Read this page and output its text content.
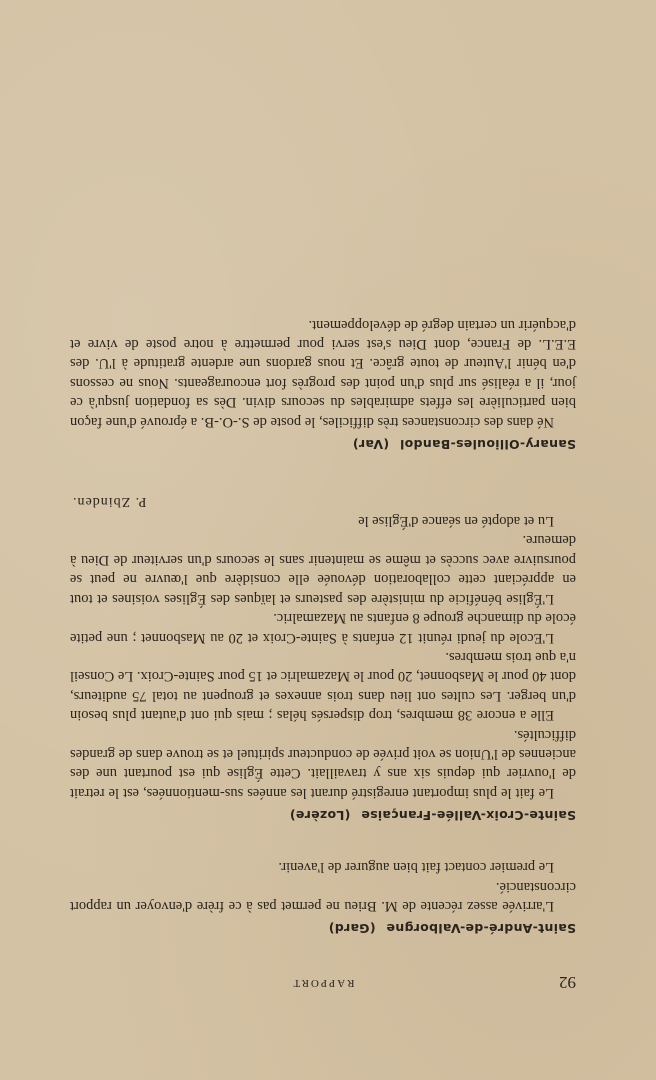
92
RAPPORT
Saint-André-de-Valborgne (Gard)

L'arrivée assez récente de M. Brieu ne permet pas à ce frère d'envoyer un rapport circonstancié.

Le premier contact fait bien augurer de l'avenir.

Sainte-Croix-Vallée-Française (Lozère)

Le fait le plus important enregistré durant les années sus-mentionnées, est le retrait de l'ouvrier qui depuis six ans y travaillait. Cette Église qui est pourtant une des anciennes de l'Union se voit privée de conducteur spirituel et se trouve dans de grandes difficultés.

Elle a encore 38 membres, trop dispersés hélas ; mais qui ont d'autant plus besoin d'un berger. Les cultes ont lieu dans trois annexes et groupent au total 75 auditeurs, dont 40 pour le Masbonnet, 20 pour le Mazamalric et 15 pour Sainte-Croix. Le Conseil n'a que trois membres.

L'Ecole du jeudi réunit 12 enfants à Sainte-Croix et 20 au Masbonnet ; une petite école du dimanche groupe 8 enfants au Mazamalric.

L'Église bénéficie du ministère des pasteurs et laïques des Églises voisines et tout en appréciant cette collaboration dévouée elle considère que l'œuvre ne peut se poursuivre avec succès et même se maintenir sans le secours d'un serviteur de Dieu à demeure.

Lu et adopté en séance d'Église le

P. Zbinden.

Sanary-Ollioules-Bandol (Var)

Né dans des circonstances très difficiles, le poste de S.-O.-B. a éprouvé d'une façon bien particulière les effets admirables du secours divin. Dès sa fondation jusqu'à ce jour, il a réalisé sur plus d'un point des progrès fort encourageants. Nous ne cessons d'en bénir l'Auteur de toute grâce. Et nous gardons une ardente gratitude à l'U. des E.E.L. de France, dont Dieu s'est servi pour permettre à notre poste de vivre et d'acquérir un certain degré de développement.
